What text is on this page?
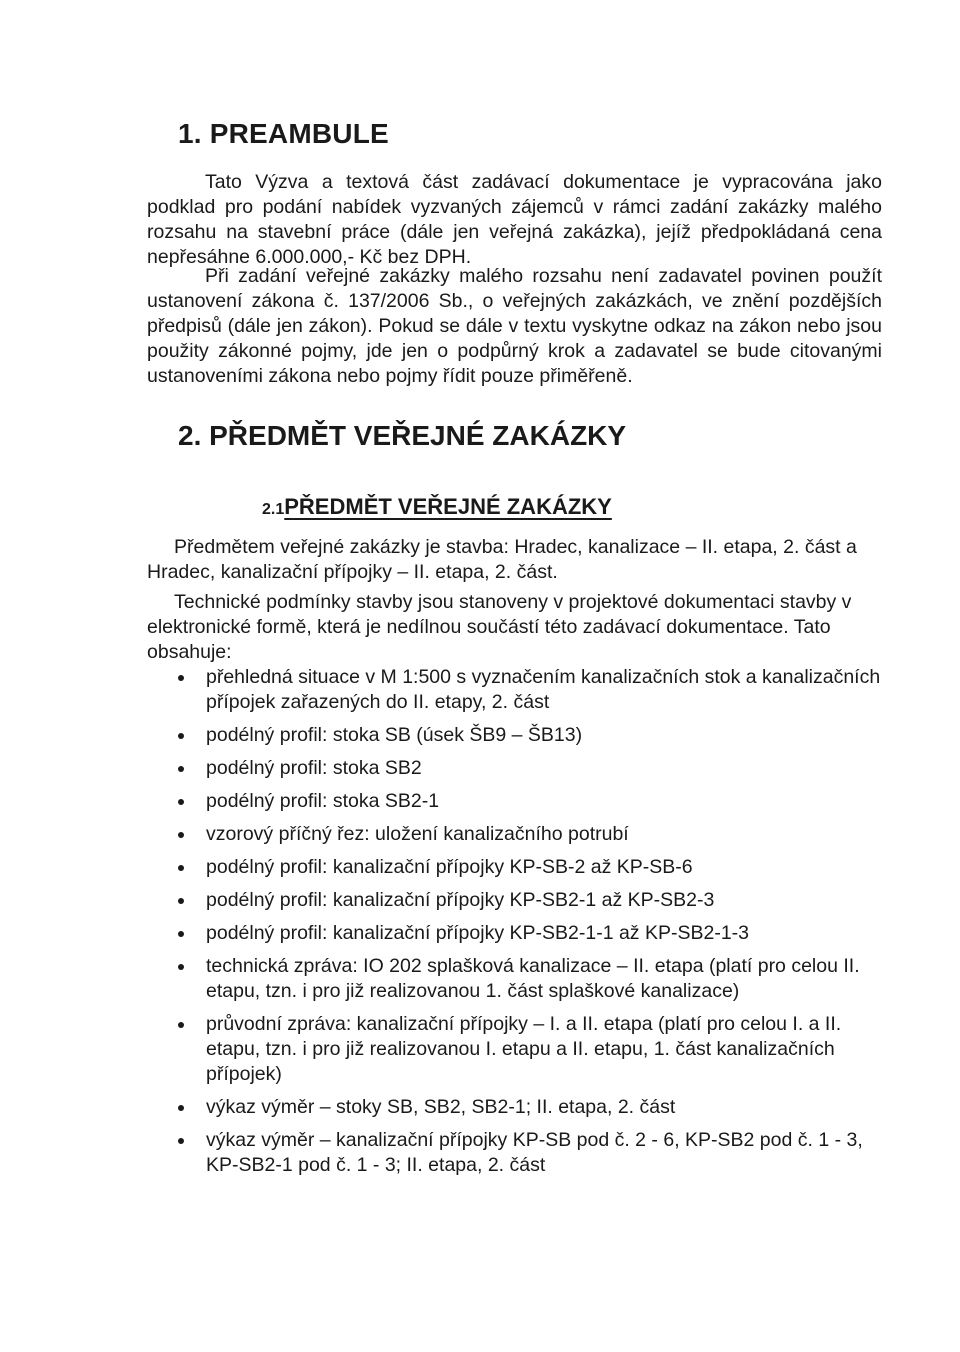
1. PREAMBULE
Tato Výzva a textová část zadávací dokumentace je vypracována jako podklad pro podání nabídek vyzvaných zájemců v rámci zadání zakázky malého rozsahu na stavební práce (dále jen veřejná zakázka), jejíž předpokládaná cena nepřesáhne 6.000.000,- Kč bez DPH.
Při zadání veřejné zakázky malého rozsahu není zadavatel povinen použít ustanovení zákona č. 137/2006 Sb., o veřejných zakázkách, ve znění pozdějších předpisů (dále jen zákon). Pokud se dále v textu vyskytne odkaz na zákon nebo jsou použity zákonné pojmy, jde jen o podpůrný krok a zadavatel se bude citovanými ustanoveními zákona nebo pojmy řídit pouze přiměřeně.
2. PŘEDMĚT VEŘEJNÉ ZAKÁZKY
2.1PŘEDMĚT VEŘEJNÉ ZAKÁZKY
Předmětem veřejné zakázky je stavba: Hradec, kanalizace – II. etapa, 2. část a Hradec, kanalizační přípojky – II. etapa, 2. část.
Technické podmínky stavby jsou stanoveny v projektové dokumentaci stavby v elektronické formě, která je nedílnou součástí této zadávací dokumentace. Tato obsahuje:
přehledná situace v M 1:500 s vyznačením kanalizačních stok a kanalizačních přípojek zařazených do II. etapy, 2. část
podélný profil: stoka SB (úsek ŠB9 – ŠB13)
podélný profil: stoka SB2
podélný profil: stoka SB2-1
vzorový příčný řez: uložení kanalizačního potrubí
podélný profil: kanalizační přípojky KP-SB-2 až KP-SB-6
podélný profil: kanalizační přípojky KP-SB2-1 až KP-SB2-3
podélný profil: kanalizační přípojky KP-SB2-1-1 až KP-SB2-1-3
technická zpráva: IO 202 splašková kanalizace – II. etapa (platí pro celou II. etapu, tzn. i pro již realizovanou 1. část splaškové kanalizace)
průvodní zpráva: kanalizační přípojky – I. a II. etapa (platí pro celou I. a II. etapu, tzn. i pro již realizovanou I. etapu a II. etapu, 1. část kanalizačních přípojek)
výkaz výměr – stoky SB, SB2, SB2-1; II. etapa, 2. část
výkaz výměr – kanalizační přípojky KP-SB pod č. 2 - 6, KP-SB2 pod č. 1 - 3, KP-SB2-1 pod č. 1 - 3; II. etapa, 2. část
